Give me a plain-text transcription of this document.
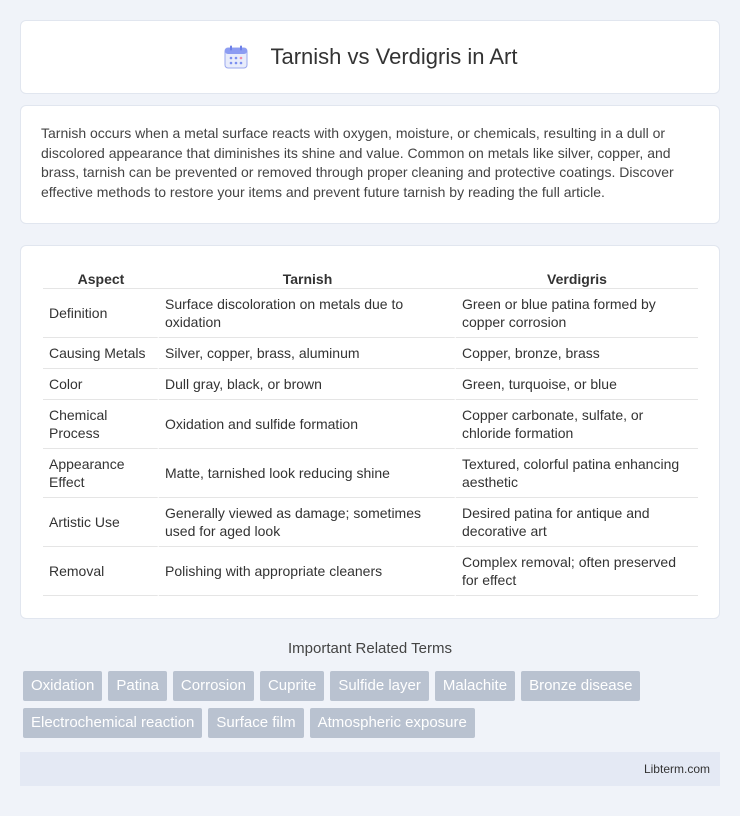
Tarnish vs Verdigris in Art

Tarnish occurs when a metal surface reacts with oxygen, moisture, or chemicals, resulting in a dull or discolored appearance that diminishes its shine and value. Common on metals like silver, copper, and brass, tarnish can be prevented or removed through proper cleaning and protective coatings. Discover effective methods to restore your items and prevent future tarnish by reading the full article.

Aspect	Tarnish	Verdigris
Definition	Surface discoloration on metals due to oxidation	Green or blue patina formed by copper corrosion
Causing Metals	Silver, copper, brass, aluminum	Copper, bronze, brass
Color	Dull gray, black, or brown	Green, turquoise, or blue
Chemical Process	Oxidation and sulfide formation	Copper carbonate, sulfate, or chloride formation
Appearance Effect	Matte, tarnished look reducing shine	Textured, colorful patina enhancing aesthetic
Artistic Use	Generally viewed as damage; sometimes used for aged look	Desired patina for antique and decorative art
Removal	Polishing with appropriate cleaners	Complex removal; often preserved for effect
Important Related Terms
Oxidation Patina Corrosion Cuprite Sulfide layer Malachite Bronze disease
Electrochemical reaction Surface film Atmospheric exposure
Libterm.com
